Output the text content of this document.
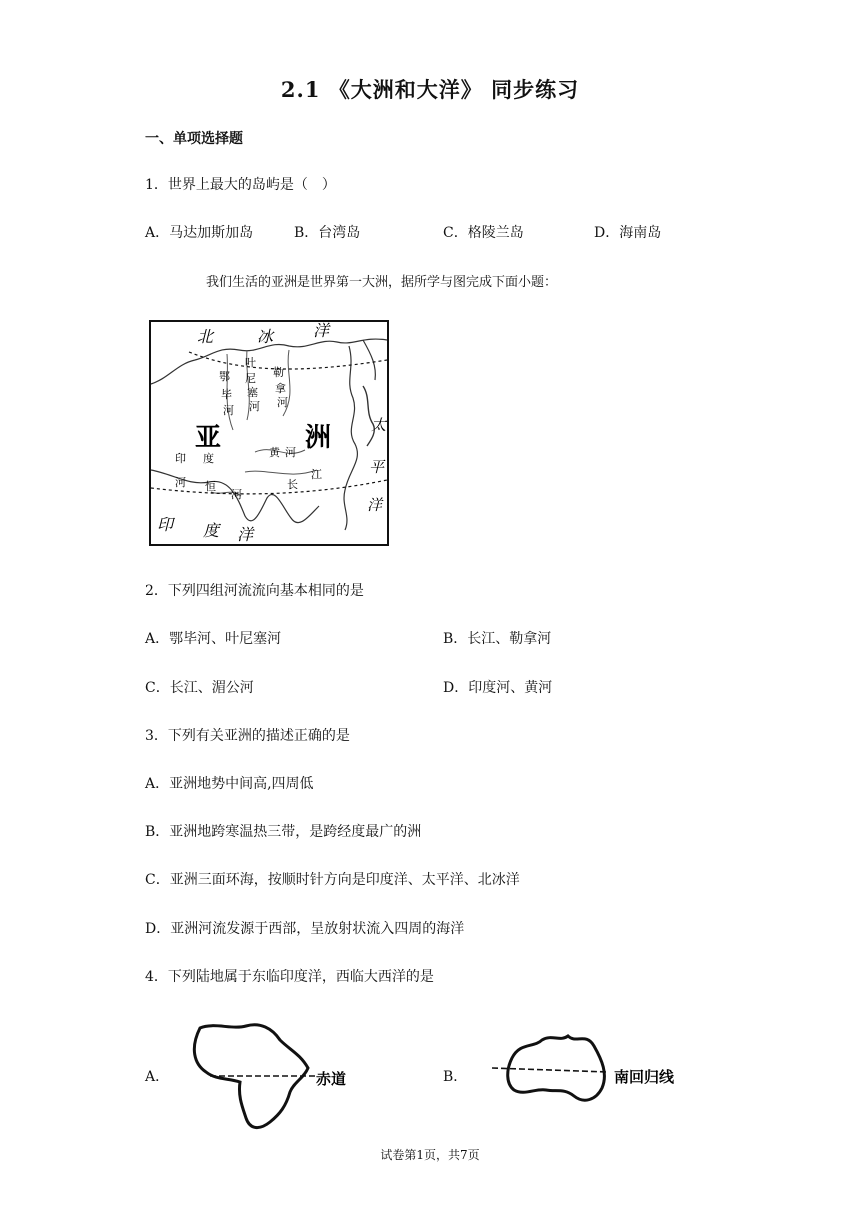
2.1 《大洲和大洋》 同步练习
一、单项选择题
1．世界上最大的岛屿是（　）
A．马达加斯加岛	B．台湾岛	C．格陵兰岛	D．海南岛
我们生活的亚洲是世界第一大洲，据所学与图完成下面小题：
北	冰 洋
太
平
洋
印 度 洋
亚	洲
鄂
毕
河
叶
尼
塞
河
勒
拿
河
黄 河
长
江
印 度
河 恒
河
2．下列四组河流流向基本相同的是
A．鄂毕河、叶尼塞河	B．长江、勒拿河
C．长江、湄公河	D．印度河、黄河
3．下列有关亚洲的描述正确的是
A．亚洲地势中间高,四周低
B．亚洲地跨寒温热三带，是跨经度最广的洲
C．亚洲三面环海，按顺时针方向是印度洋、太平洋、北冰洋
D．亚洲河流发源于西部，呈放射状流入四周的海洋
4．下列陆地属于东临印度洋，西临大西洋的是
A．	B．
赤道	南回归线
试卷第1页，共7页
